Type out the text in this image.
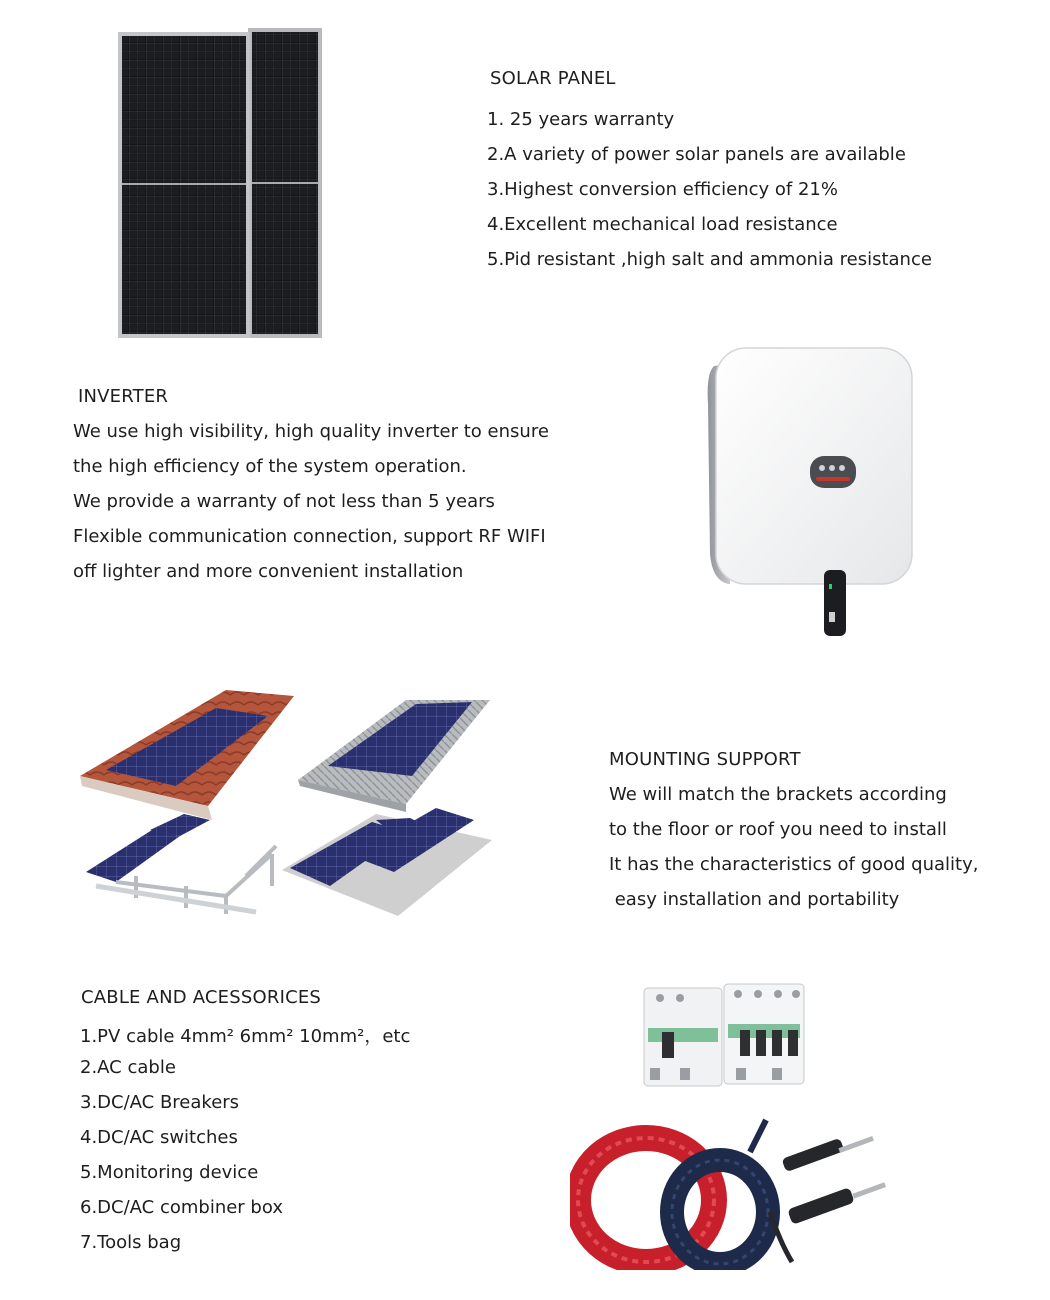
SOLAR PANEL
1. 25 years warranty
2.A variety of power solar panels are available
3.Highest conversion efficiency of 21%
4.Excellent mechanical load resistance
5.Pid resistant ,high salt and ammonia resistance
INVERTER
We use high visibility, high quality inverter to ensure
the high efficiency of the system operation.
We provide a warranty of not less than 5 years
Flexible communication connection, support RF WIFI
off lighter and more convenient installation
MOUNTING SUPPORT
We will match the brackets according
to the floor or roof you need to install
It has the characteristics of good quality,
easy installation and portability
CABLE AND ACESSORICES
1.PV cable 4mm² 6mm² 10mm²，etc
2.AC cable
3.DC/AC Breakers
4.DC/AC switches
5.Monitoring device
6.DC/AC combiner box
7.Tools bag
